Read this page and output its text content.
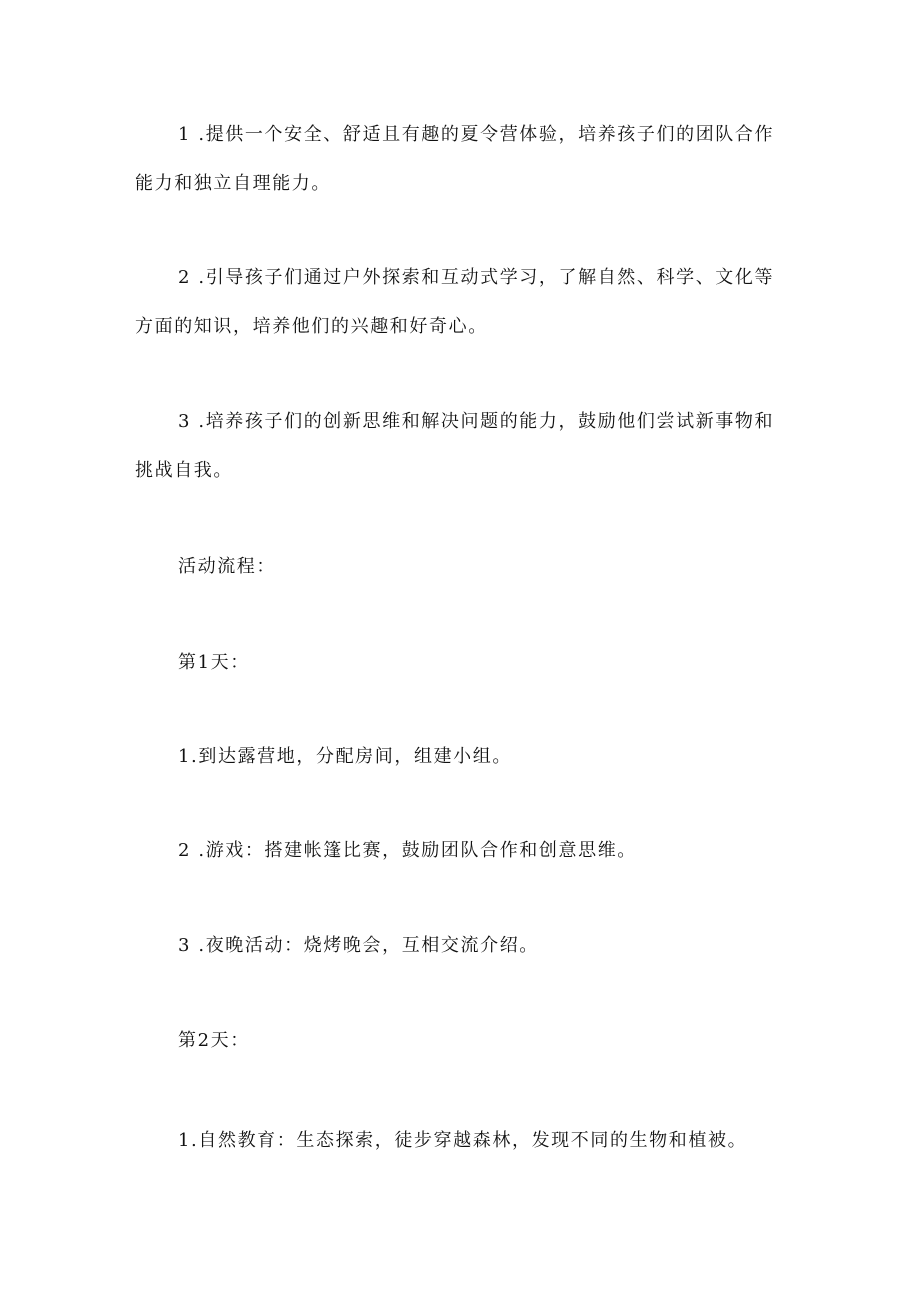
1 .提供一个安全、舒适且有趣的夏令营体验，培养孩子们的团队合作能力和独立自理能力。

2 .引导孩子们通过户外探索和互动式学习，了解自然、科学、文化等方面的知识，培养他们的兴趣和好奇心。

3 .培养孩子们的创新思维和解决问题的能力，鼓励他们尝试新事物和挑战自我。

活动流程：

第1天：

1.到达露营地，分配房间，组建小组。

2 .游戏：搭建帐篷比赛，鼓励团队合作和创意思维。

3 .夜晚活动：烧烤晚会，互相交流介绍。

第2天：

1.自然教育：生态探索，徒步穿越森林，发现不同的生物和植被。
